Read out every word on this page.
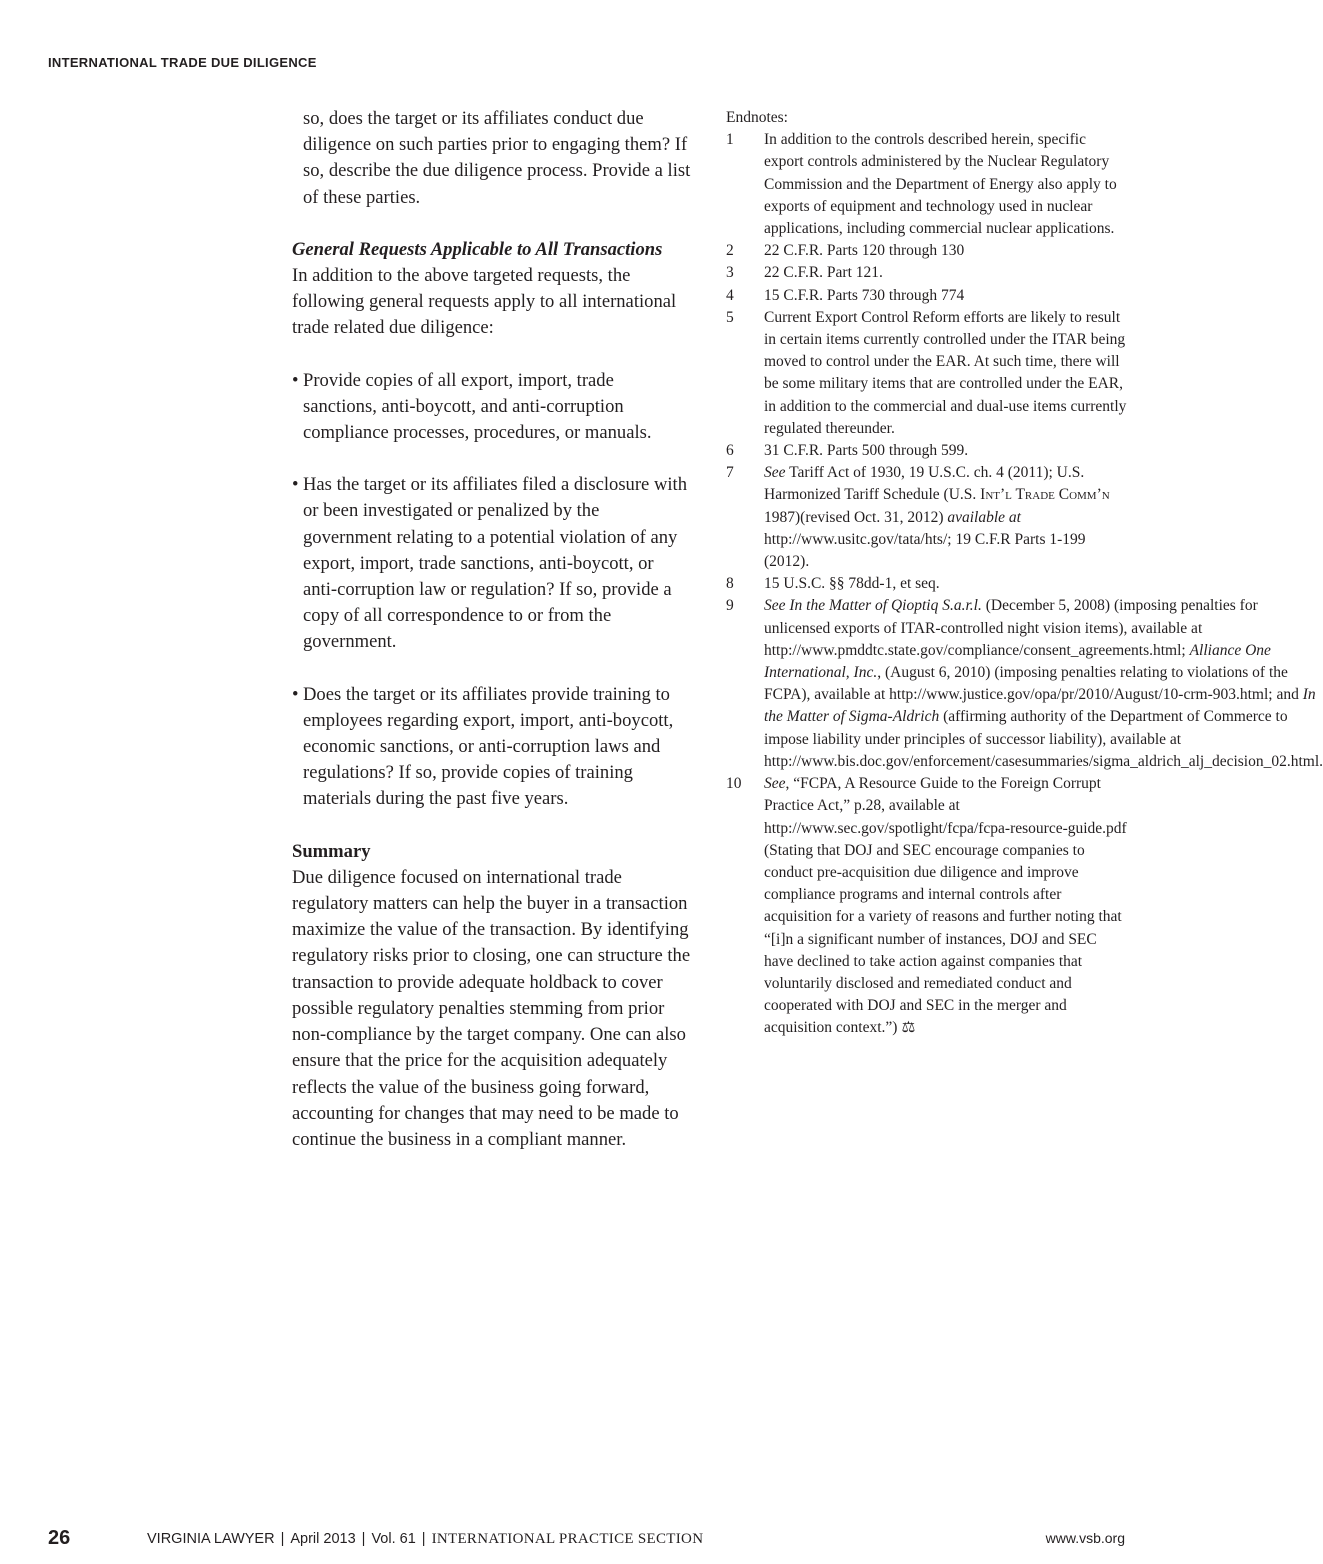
INTERNATIONAL TRADE DUE DILIGENCE

so, does the target or its affiliates conduct due diligence on such parties prior to engaging them? If so, describe the due diligence process. Provide a list of these parties.

General Requests Applicable to All Transactions

In addition to the above targeted requests, the following general requests apply to all international trade related due diligence:

• Provide copies of all export, import, trade sanctions, anti-boycott, and anti-corruption compliance processes, procedures, or manuals.

• Has the target or its affiliates filed a disclosure with or been investigated or penalized by the government relating to a potential violation of any export, import, trade sanctions, anti-boycott, or anti-corruption law or regulation? If so, provide a copy of all correspondence to or from the government.

• Does the target or its affiliates provide training to employees regarding export, import, anti-boycott, economic sanctions, or anti-corruption laws and regulations? If so, provide copies of training materials during the past five years.

Summary

Due diligence focused on international trade regulatory matters can help the buyer in a transaction maximize the value of the transaction. By identifying regulatory risks prior to closing, one can structure the transaction to provide adequate holdback to cover possible regulatory penalties stemming from prior non-compliance by the target company. One can also ensure that the price for the acquisition adequately reflects the value of the business going forward, accounting for changes that may need to be made to continue the business in a compliant manner.

Endnotes:

1	In addition to the controls described herein, specific export controls administered by the Nuclear Regulatory Commission and the Department of Energy also apply to exports of equipment and technology used in nuclear applications, including commercial nuclear applications.
2	22 C.F.R. Parts 120 through 130
3	22 C.F.R. Part 121.
4	15 C.F.R. Parts 730 through 774
5	Current Export Control Reform efforts are likely to result in certain items currently controlled under the ITAR being moved to control under the EAR. At such time, there will be some military items that are controlled under the EAR, in addition to the commercial and dual-use items currently regulated thereunder.
6	31 C.F.R. Parts 500 through 599.
7	See Tariff Act of 1930, 19 U.S.C. ch. 4 (2011); U.S. Harmonized Tariff Schedule (U.S. Int’l Trade Comm’n 1987)(revised Oct. 31, 2012) available at http://www.usitc.gov/tata/hts/; 19 C.F.R Parts 1-199 (2012).
8	15 U.S.C. §§ 78dd-1, et seq.
9	See In the Matter of Qioptiq S.a.r.l. (December 5, 2008) (imposing penalties for unlicensed exports of ITAR-controlled night vision items), available at http://www.pmddtc.state.gov/compliance/consent_agreements.html; Alliance One International, Inc., (August 6, 2010) (imposing penalties relating to violations of the FCPA), available at http://www.justice.gov/opa/pr/2010/August/10-crm-903.html; and In the Matter of Sigma-Aldrich (affirming authority of the Department of Commerce to impose liability under principles of successor liability), available at http://www.bis.doc.gov/enforcement/casesummaries/sigma_aldrich_alj_decision_02.html.
10	See, “FCPA, A Resource Guide to the Foreign Corrupt Practice Act,” p.28, available at http://www.sec.gov/spotlight/fcpa/fcpa-resource-guide.pdf (Stating that DOJ and SEC encourage companies to conduct pre-acquisition due diligence and improve compliance programs and internal controls after acquisition for a variety of reasons and further noting that “[i]n a significant number of instances, DOJ and SEC have declined to take action against companies that voluntarily disclosed and remediated conduct and cooperated with DOJ and SEC in the merger and acquisition context.”) ⚖
26	VIRGINIA LAWYER | April 2013 | Vol. 61 | INTERNATIONAL PRACTICE SECTION	www.vsb.org
